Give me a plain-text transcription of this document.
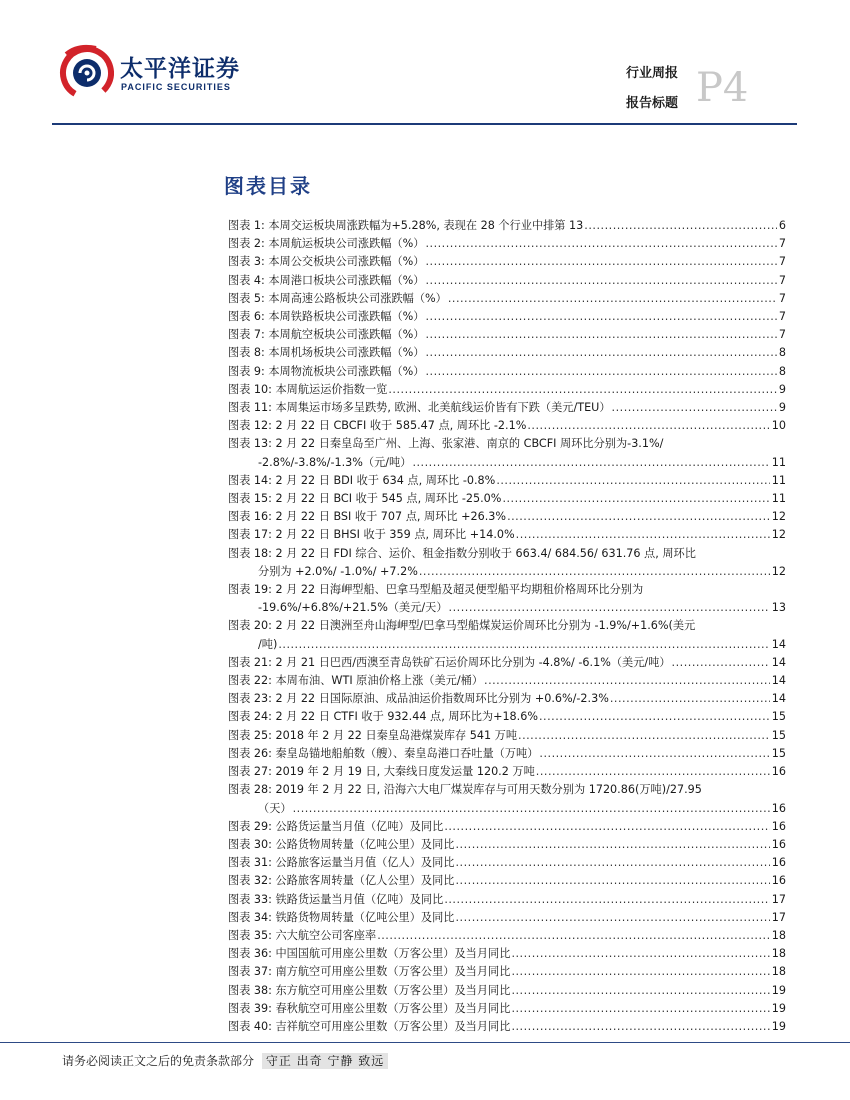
太平洋证券
PACIFIC SECURITIES
行业周报
报告标题 P4
图表目录
图表 1: 本周交运板块周涨跌幅为+5.28%, 表现在 28 个行业中排第 13 .....	6
图表 2: 本周航运板块公司涨跌幅（%） .....	7
图表 3: 本周公交板块公司涨跌幅（%） .....	7
图表 4: 本周港口板块公司涨跌幅（%） .....	7
图表 5: 本周高速公路板块公司涨跌幅（%） .....	7
图表 6: 本周铁路板块公司涨跌幅（%） .....	7
图表 7: 本周航空板块公司涨跌幅（%） .....	7
图表 8: 本周机场板块公司涨跌幅（%） .....	8
图表 9: 本周物流板块公司涨跌幅（%） .....	8
图表 10: 本周航运运价指数一览 .....	9
图表 11: 本周集运市场多呈跌势, 欧洲、北美航线运价皆有下跌（美元/TEU） .....	9
图表 12: 2 月 22 日 CBCFI 收于 585.47 点, 周环比 -2.1% .....	10
图表 13: 2 月 22 日秦皇岛至广州、上海、张家港、南京的 CBCFI 周环比分别为-3.1%/
-2.8%/-3.8%/-1.3%（元/吨） .....	11
图表 14: 2 月 22 日 BDI 收于 634 点, 周环比 -0.8% .....	11
图表 15: 2 月 22 日 BCI 收于 545 点, 周环比 -25.0% .....	11
图表 16: 2 月 22 日 BSI 收于 707 点, 周环比 +26.3% .....	12
图表 17: 2 月 22 日 BHSI 收于 359 点, 周环比 +14.0% .....	12
图表 18: 2 月 22 日 FDI 综合、运价、租金指数分别收于 663.4/ 684.56/ 631.76 点, 周环比
分别为 +2.0%/ -1.0%/ +7.2% .....	12
图表 19: 2 月 22 日海岬型船、巴拿马型船及超灵便型船平均期租价格周环比分别为
-19.6%/+6.8%/+21.5%（美元/天） .....	13
图表 20: 2 月 22 日澳洲至舟山海岬型/巴拿马型船煤炭运价周环比分别为 -1.9%/+1.6%(美元
/吨) .....	14
图表 21: 2 月 21 日巴西/西澳至青岛铁矿石运价周环比分别为 -4.8%/ -6.1%（美元/吨） .....	14
图表 22: 本周布油、WTI 原油价格上涨（美元/桶） .....	14
图表 23: 2 月 22 日国际原油、成品油运价指数周环比分别为 +0.6%/-2.3% .....	14
图表 24: 2 月 22 日 CTFI 收于 932.44 点, 周环比为+18.6% .....	15
图表 25: 2018 年 2 月 22 日秦皇岛港煤炭库存 541 万吨 .....	15
图表 26: 秦皇岛锚地船舶数（艘）、秦皇岛港口吞吐量（万吨） .....	15
图表 27: 2019 年 2 月 19 日, 大秦线日度发运量 120.2 万吨 .....	16
图表 28: 2019 年 2 月 22 日, 沿海六大电厂煤炭库存与可用天数分别为 1720.86(万吨)/27.95
（天） .....	16
图表 29: 公路货运量当月值（亿吨）及同比 .....	16
图表 30: 公路货物周转量（亿吨公里）及同比 .....	16
图表 31: 公路旅客运量当月值（亿人）及同比 .....	16
图表 32: 公路旅客周转量（亿人公里）及同比 .....	16
图表 33: 铁路货运量当月值（亿吨）及同比 .....	17
图表 34: 铁路货物周转量（亿吨公里）及同比 .....	17
图表 35: 六大航空公司客座率 .....	18
图表 36: 中国国航可用座公里数（万客公里）及当月同比 .....	18
图表 37: 南方航空可用座公里数（万客公里）及当月同比 .....	18
图表 38: 东方航空可用座公里数（万客公里）及当月同比 .....	19
图表 39: 春秋航空可用座公里数（万客公里）及当月同比 .....	19
图表 40: 吉祥航空可用座公里数（万客公里）及当月同比 .....	19
请务必阅读正文之后的免责条款部分 守正 出奇 宁静 致远
